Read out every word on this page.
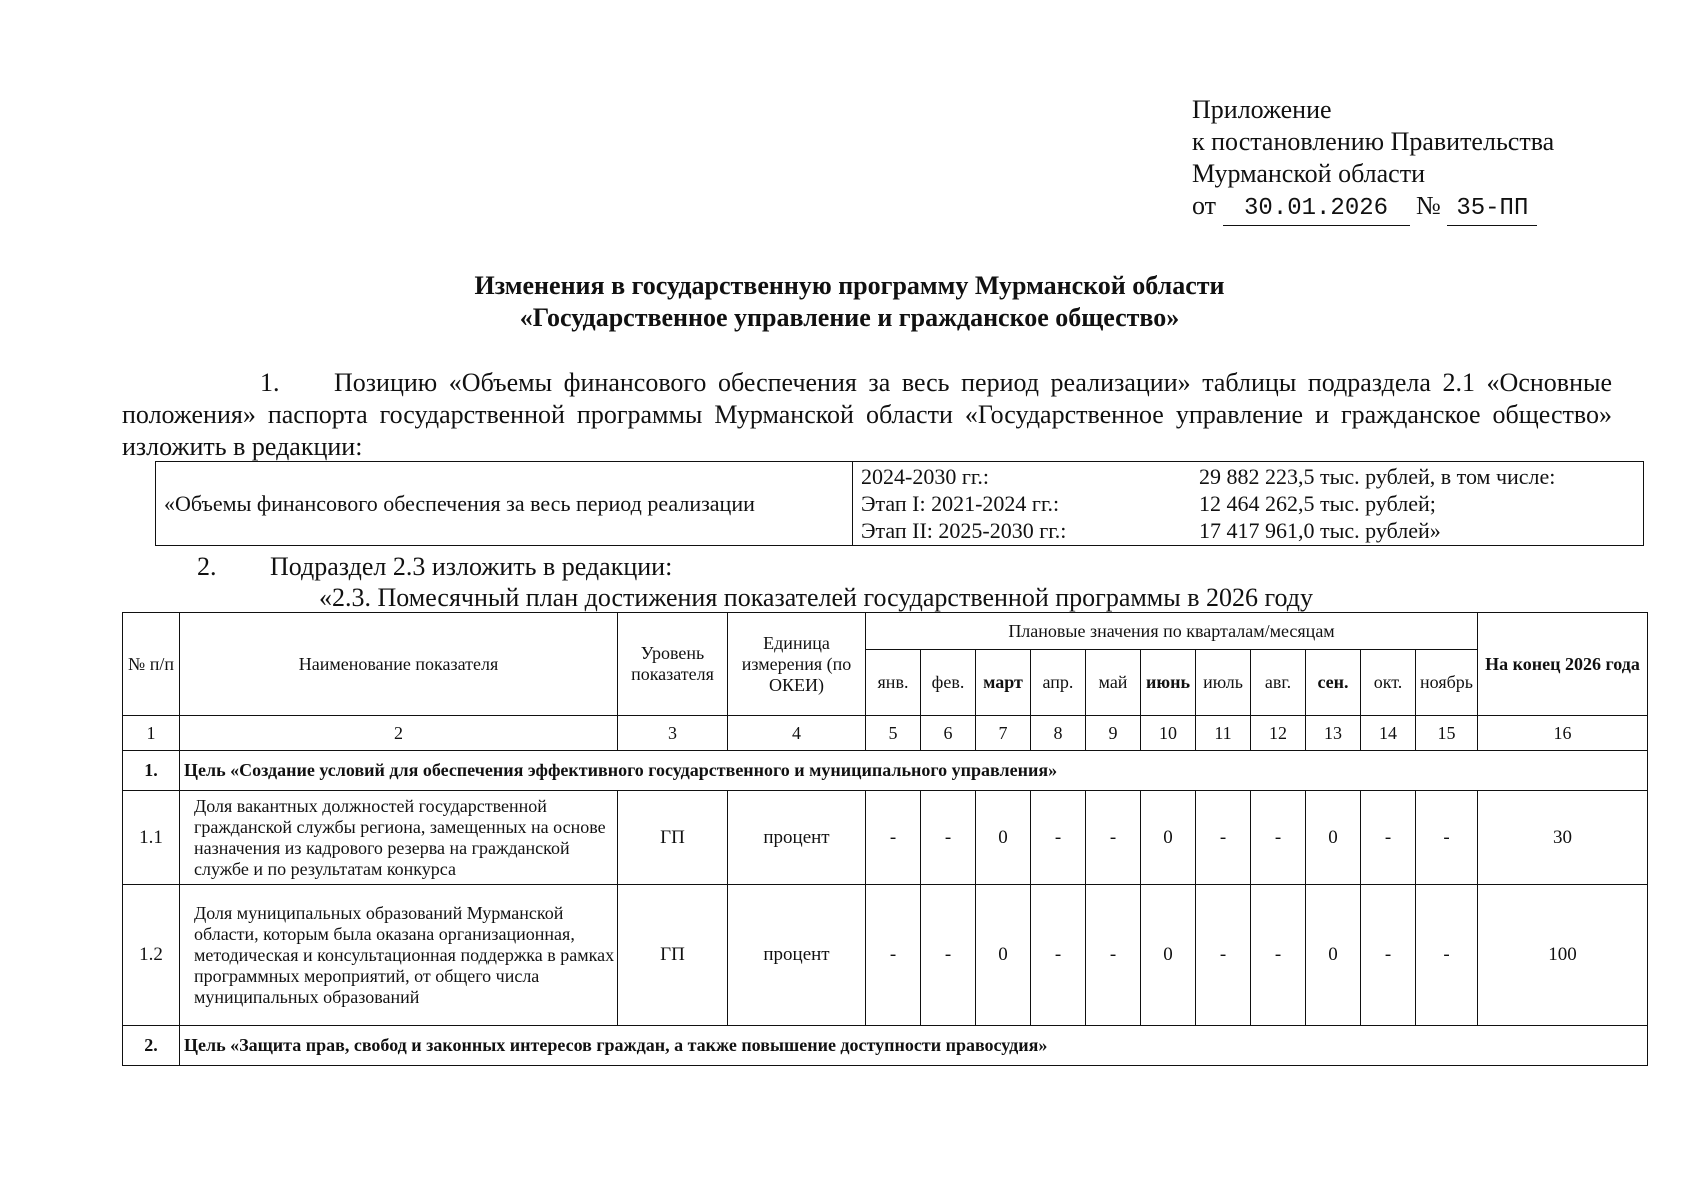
Приложение
к постановлению Правительства
Мурманской области
от 30.01.2026 № 35-ПП
Изменения в государственную программу Мурманской области
«Государственное управление и гражданское общество»
1. Позицию «Объемы финансового обеспечения за весь период реализации» таблицы подраздела 2.1 «Основные положения» паспорта государственной программы Мурманской области «Государственное управление и гражданское общество» изложить в редакции:
«Объемы финансового обеспечения за весь период реализации	
2024-2030 гг.:	29 882 223,5 тыс. рублей, в том числе:
Этап I: 2021-2024 гг.:	12 464 262,5 тыс. рублей;
Этап II: 2025-2030 гг.:	17 417 961,0 тыс. рублей»
2. Подраздел 2.3 изложить в редакции:
«2.3. Помесячный план достижения показателей государственной программы в 2026 году
№ п/п	Наименование показателя	Уровень показателя	Единица измерения (по ОКЕИ)	Плановые значения по кварталам/месяцам											На конец 2026 года
				янв.	фев.	март	апр.	май	июнь	июль	авг.	сен.	окт.	ноябрь	
1	2	3	4	5	6	7	8	9	10	11	12	13	14	15	16
1.	Цель «Создание условий для обеспечения эффективного государственного и муниципального управления»														
1.1	Доля вакантных должностей государственной гражданской службы региона, замещенных на основе назначения из кадрового резерва на гражданской службе и по результатам конкурса	ГП	процент	-	-	0	-	-	0	-	-	0	-	-	30
1.2	Доля муниципальных образований Мурманской области, которым была оказана организационная, методическая и консультационная поддержка в рамках программных мероприятий, от общего числа муниципальных образований	ГП	процент	-	-	0	-	-	0	-	-	0	-	-	100
2.	Цель «Защита прав, свобод и законных интересов граждан, а также повышение доступности правосудия»														
